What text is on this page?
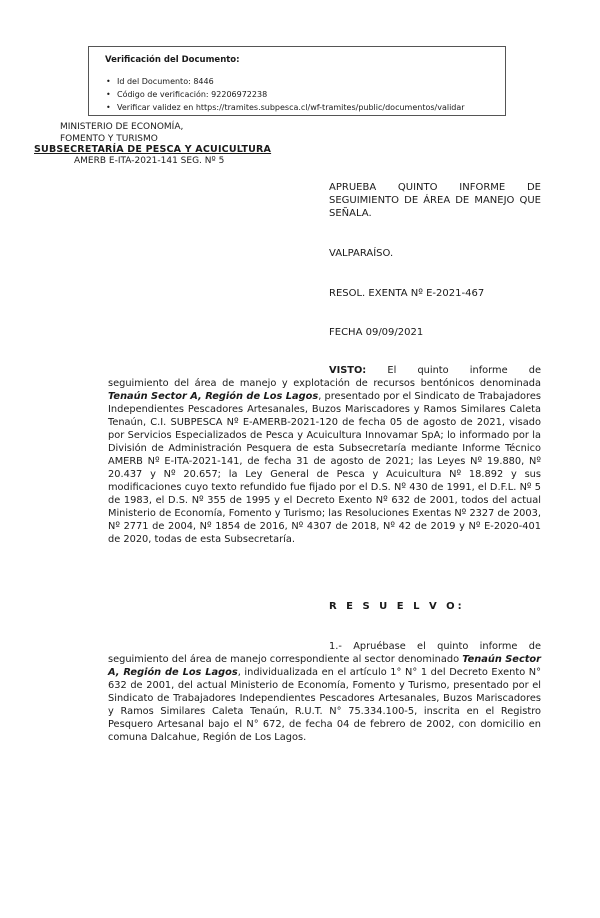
Verificación del Documento:
• Id del Documento: 8446
• Código de verificación: 92206972238
• Verificar validez en https://tramites.subpesca.cl/wf-tramites/public/documentos/validar
MINISTERIO DE ECONOMÍA,
FOMENTO Y TURISMO
SUBSECRETARÍA DE PESCA Y ACUICULTURA
AMERB E-ITA-2021-141 SEG. Nº 5
APRUEBA QUINTO INFORME DE SEGUIMIENTO DE ÁREA DE MANEJO QUE SEÑALA.
VALPARAÍSO.
RESOL. EXENTA Nº E-2021-467
FECHA 09/09/2021
VISTO: El quinto informe de
seguimiento del área de manejo y explotación de recursos bentónicos denominada Tenaún Sector A, Región de Los Lagos, presentado por el Sindicato de Trabajadores Independientes Pescadores Artesanales, Buzos Mariscadores y Ramos Similares Caleta Tenaún, C.I. SUBPESCA Nº E-AMERB-2021-120 de fecha 05 de agosto de 2021, visado por Servicios Especializados de Pesca y Acuicultura Innovamar SpA; lo informado por la División de Administración Pesquera de esta Subsecretaría mediante Informe Técnico AMERB Nº E-ITA-2021-141, de fecha 31 de agosto de 2021; las Leyes Nº 19.880, Nº 20.437 y Nº 20.657; la Ley General de Pesca y Acuicultura Nº 18.892 y sus modificaciones cuyo texto refundido fue fijado por el D.S. Nº 430 de 1991, el D.F.L. Nº 5 de 1983, el D.S. Nº 355 de 1995 y el Decreto Exento Nº 632 de 2001, todos del actual Ministerio de Economía, Fomento y Turismo; las Resoluciones Exentas Nº 2327 de 2003, Nº 2771 de 2004, Nº 1854 de 2016, Nº 4307 de 2018, Nº 42 de 2019 y Nº E-2020-401 de 2020, todas de esta Subsecretaría.
R E S U E L V O:
1.- Apruébase el quinto informe de
seguimiento del área de manejo correspondiente al sector denominado Tenaún Sector A, Región de Los Lagos, individualizada en el artículo 1° N° 1 del Decreto Exento N° 632 de 2001, del actual Ministerio de Economía, Fomento y Turismo, presentado por el Sindicato de Trabajadores Independientes Pescadores Artesanales, Buzos Mariscadores y Ramos Similares Caleta Tenaún, R.U.T. N° 75.334.100-5, inscrita en el Registro Pesquero Artesanal bajo el N° 672, de fecha 04 de febrero de 2002, con domicilio en comuna Dalcahue, Región de Los Lagos.
